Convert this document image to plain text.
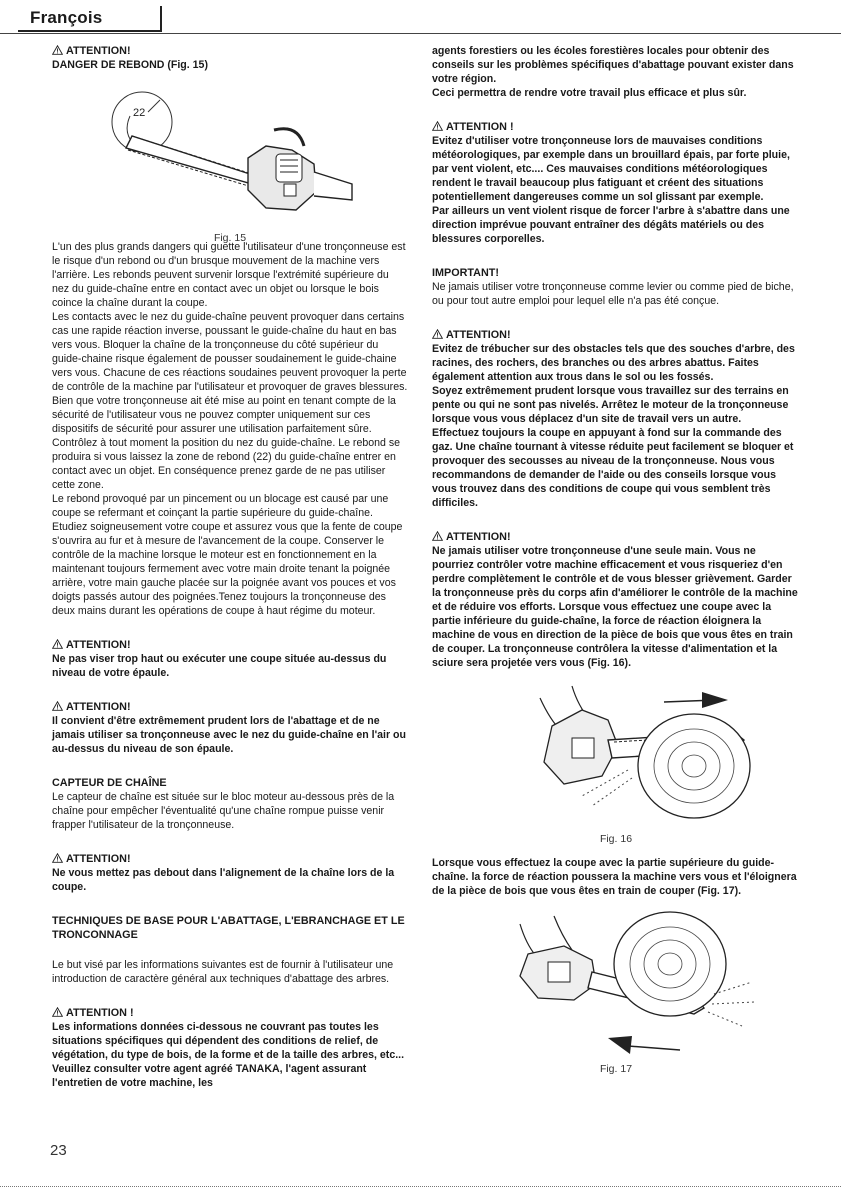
François
ATTENTION!

DANGER DE REBOND (Fig. 15)

22
Fig. 15

L'un des plus grands dangers qui guette l'utilisateur d'une tronçonneuse est le risque d'un rebond ou d'un brusque mouvement de la machine vers l'arrière. Les rebonds peuvent survenir lorsque l'extrémité supérieure du nez du guide-chaîne entre en contact avec un objet ou lorsque le bois coince la chaîne durant la coupe.

Les contacts avec le nez du guide-chaîne peuvent provoquer dans certains cas une rapide réaction inverse, poussant le guide-chaîne du haut en bas vers vous. Bloquer la chaîne de la tronçonneuse du côté supérieur du guide-chaine risque également de pousser soudainement le guide-chaine vers vous. Chacune de ces réactions soudaines peuvent provoquer la perte de contrôle de la machine par l'utilisateur et provoquer de graves blessures.

Bien que votre tronçonneuse ait été mise au point en tenant compte de la sécurité de l'utilisateur vous ne pouvez compter uniquement sur ces dispositifs de sécurité pour assurer une utilisation parfaitement sûre. Contrôlez à tout moment la position du nez du guide-chaîne. Le rebond se produira si vous laissez la zone de rebond (22) du guide-chaîne entrer en contact avec un objet. En conséquence prenez garde de ne pas utiliser cette zone.

Le rebond provoqué par un pincement ou un blocage est causé par une coupe se refermant et coinçant la partie supérieure du guide-chaîne. Etudiez soigneusement votre coupe et assurez vous que la fente de coupe s'ouvrira au fur et à mesure de l'avancement de la coupe. Conserver le contrôle de la machine lorsque le moteur est en fonctionnement en la maintenant toujours fermement avec votre main droite tenant la poignée arrière, votre main gauche placée sur la poignée avant vos pouces et vos doigts passés autour des poignées.Tenez toujours la tronçonneuse des deux mains durant les opérations de coupe à haut régime du moteur.

ATTENTION!

Ne pas viser trop haut ou exécuter une coupe située au-dessus du niveau de votre épaule.

ATTENTION!

Il convient d'être extrêmement prudent lors de l'abattage et de ne jamais utiliser sa tronçonneuse avec le nez du guide-chaîne en l'air ou au-dessus du niveau de son épaule.

CAPTEUR DE CHAÎNE

Le capteur de chaîne est située sur le bloc moteur au-dessous près de la chaîne pour empêcher l'éventualité qu'une chaîne rompue puisse venir frapper l'utilisateur de la tronçonneuse.

ATTENTION!

Ne vous mettez pas debout dans l'alignement de la chaîne lors de la coupe.

TECHNIQUES DE BASE POUR L'ABATTAGE, L'EBRANCHAGE ET LE TRONCONNAGE

Le but visé par les informations suivantes est de fournir à l'utilisateur une introduction de caractère général aux techniques d'abattage des arbres.

ATTENTION !

Les informations données ci-dessous ne couvrant pas toutes les situations spécifiques qui dépendent des conditions de relief, de végétation, du type de bois, de la forme et de la taille des arbres, etc... Veuillez consulter votre agent agréé TANAKA, l'agent assurant l'entretien de votre machine, les

agents forestiers ou les écoles forestières locales pour obtenir des conseils sur les problèmes spécifiques d'abattage pouvant exister dans votre région.

Ceci permettra de rendre votre travail plus efficace et plus sûr.

ATTENTION !

Evitez d'utiliser votre tronçonneuse lors de mauvaises conditions météorologiques, par exemple dans un brouillard épais, par forte pluie, par vent violent, etc.... Ces mauvaises conditions météorologiques rendent le travail beaucoup plus fatiguant et créent des situations potentiellement dangereuses comme un sol glissant par exemple.

Par ailleurs un vent violent risque de forcer l'arbre à s'abattre dans une direction imprévue pouvant entraîner des dégâts matériels ou des blessures corporelles.

IMPORTANT!

Ne jamais utiliser votre tronçonneuse comme levier ou comme pied de biche, ou pour tout autre emploi pour lequel elle n'a pas été conçue.

ATTENTION!

Evitez de trébucher sur des obstacles tels que des souches d'arbre, des racines, des rochers, des branches ou des arbres abattus. Faites également attention aux trous dans le sol ou les fossés.

Soyez extrêmement prudent lorsque vous travaillez sur des terrains en pente ou qui ne sont pas nivelés. Arrêtez le moteur de la tronçonneuse lorsque vous vous déplacez d'un site de travail vers un autre.

Effectuez toujours la coupe en appuyant à fond sur la commande des gaz. Une chaîne tournant à vitesse réduite peut facilement se bloquer et provoquer des secousses au niveau de la tronçonneuse. Nous vous recommandons de demander de l'aide ou des conseils lorsque vous vous trouvez dans des conditions de coupe qui vous semblent très difficiles.

ATTENTION!

Ne jamais utiliser votre tronçonneuse d'une seule main. Vous ne pourriez contrôler votre machine efficacement et vous risqueriez d'en perdre complètement le contrôle et de vous blesser grièvement. Garder la tronçonneuse près du corps afin d'améliorer le contrôle de la machine et de réduire vos efforts. Lorsque vous effectuez une coupe avec la partie inférieure du guide-chaîne, la force de réaction éloignera la machine de vous en direction de la pièce de bois que vous êtes en train de couper. La tronçonneuse contrôlera la vitesse d'alimentation et la sciure sera projetée vers vous (Fig. 16).

Fig. 16

Lorsque vous effectuez la coupe avec la partie supérieure du guide-chaîne. la force de réaction poussera la machine vers vous et l'éloignera de la pièce de bois que vous êtes en train de couper (Fig. 17).

Fig. 17
23
